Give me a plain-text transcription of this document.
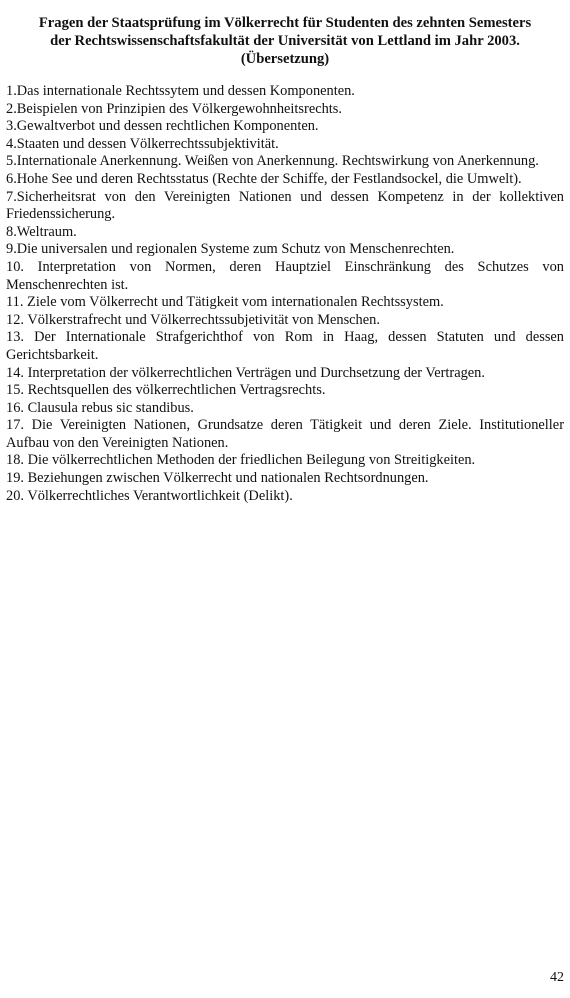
Fragen der Staatsprüfung im Völkerrecht für Studenten des zehnten Semesters
der Rechtswissenschaftsfakultät der Universität von Lettland im Jahr 2003.
(Übersetzung)
1.Das internationale Rechtssytem und dessen Komponenten.
2.Beispielen von Prinzipien des Völkergewohnheitsrechts.
3.Gewaltverbot und dessen rechtlichen Komponenten.
4.Staaten und dessen Völkerrechtssubjektivität.
5.Internationale Anerkennung. Weißen von Anerkennung. Rechtswirkung von Anerkennung.
6.Hohe See und deren Rechtsstatus (Rechte der Schiffe, der Festlandsockel, die Umwelt).
7.Sicherheitsrat von den Vereinigten Nationen und dessen Kompetenz in der kollektiven Friedenssicherung.
8.Weltraum.
9.Die universalen und regionalen Systeme zum Schutz von Menschenrechten.
10. Interpretation von Normen, deren Hauptziel Einschränkung des Schutzes von Menschenrechten ist.
11. Ziele vom Völkerrecht und Tätigkeit vom internationalen Rechtssystem.
12. Völkerstrafrecht und Völkerrechtssubjetivität von Menschen.
13. Der Internationale Strafgerichthof von Rom in Haag, dessen Statuten und dessen Gerichtsbarkeit.
14. Interpretation der völkerrechtlichen Verträgen und Durchsetzung der Vertragen.
15. Rechtsquellen des völkerrechtlichen Vertragsrechts.
16. Clausula rebus sic standibus.
17. Die Vereinigten Nationen, Grundsatze deren Tätigkeit und deren Ziele. Institutioneller Aufbau von den Vereinigten Nationen.
18. Die völkerrechtlichen Methoden der friedlichen Beilegung von Streitigkeiten.
19. Beziehungen zwischen Völkerrecht und nationalen Rechtsordnungen.
20. Völkerrechtliches Verantwortlichkeit (Delikt).
42
